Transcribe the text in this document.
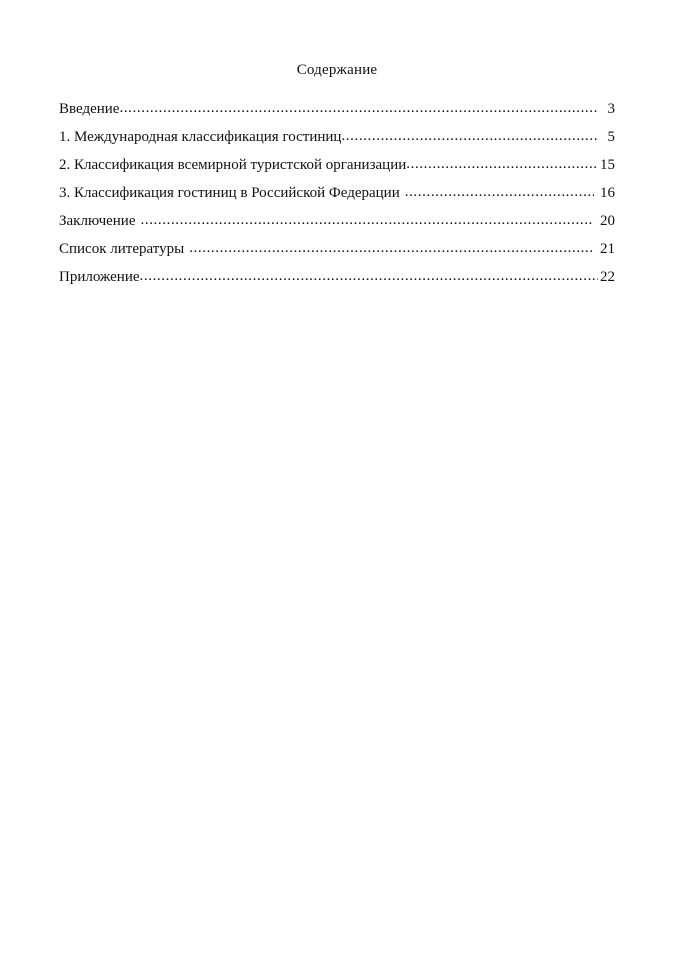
Содержание
Введение .....	3
1. Международная классификация гостиниц .....	5
2. Классификация всемирной туристской организации .....	15
3. Классификация гостиниц в Российской Федерации .....	16
Заключение .....	20
Список литературы .....	21
Приложение .....	22
